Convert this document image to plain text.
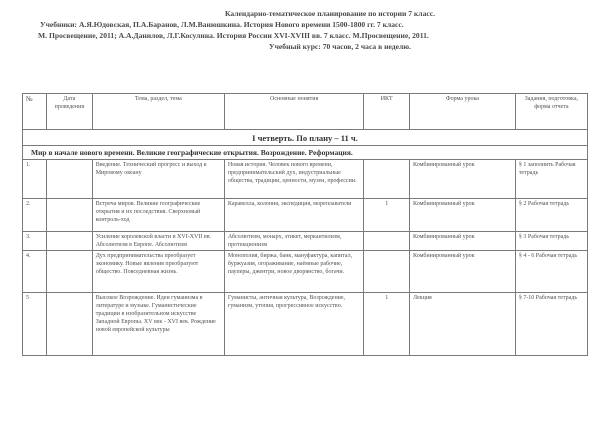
Календарно-тематическое планирование по истории 7 класс.
Учебники: А.Я.Юдовская, П.А.Баранов, Л.М.Ванюшкина. История Нового времени 1500-1800 гг. 7 класс.
М. Просвещение, 2011; А.А.Данилов, Л.Г.Косулина. История России XVI-XVIII вв. 7 класс. М.Просвещение, 2011.
Учебный курс: 70 часов, 2 часа в неделю.
№	Дата проведения	Тема, раздел, тема	Основные понятия	ИКТ	Форма урока	Задания, подготовка, форма отчета
I четверть. По плану – 11 ч.						
Мир в начале нового времени. Великие географические открытия. Возрождение. Реформация.						
1.		Введение. Технический прогресс и выход к Мировому океану	Новая история. Человек нового времени, предпринимательский дух, индустриальные общества, традиции, ценности, музеи, профессии.		Комбинированный урок	§ 1 заполнить Рабочая тетрадь
2.		Встреча миров. Великие географические открытия и их последствия. Сверхновый контроль-ход	Каравелла, колония, экспедиция, мореплаватели	1	Комбинированный урок	§ 2 Рабочая тетрадь
3.		Усиление королевской власти в XVI-XVII вв. Абсолютизм в Европе. Абсолютизм	Абсолютизм, монарх, этикет, меркантилизм, протекционизм		Комбинированный урок	§ 3 Рабочая тетрадь
4.		Дух предпринимательства преобразует экономику. Новые явления преобразуют общество. Повседневная жизнь.	Монополия, биржа, банк, мануфактура, капитал, буржуазия, огораживание, наёмные рабочие, пауперы, джентри, новое дворянство, богачи.		Комбинированный урок	§ 4 - 6 Рабочая тетрадь
5		Высокое Возрождение. Идеи гуманизма в литературе и музыке. Гуманистические традиции в изобразительном искусстве Западной Европы. XV век - XVI век. Рождение новой европейской культуры	Гуманисты, античная культура, Возрождение, гуманизм, утопия, прогрессивное искусство.	1	Лекция	§ 7-10 Рабочая тетрадь
